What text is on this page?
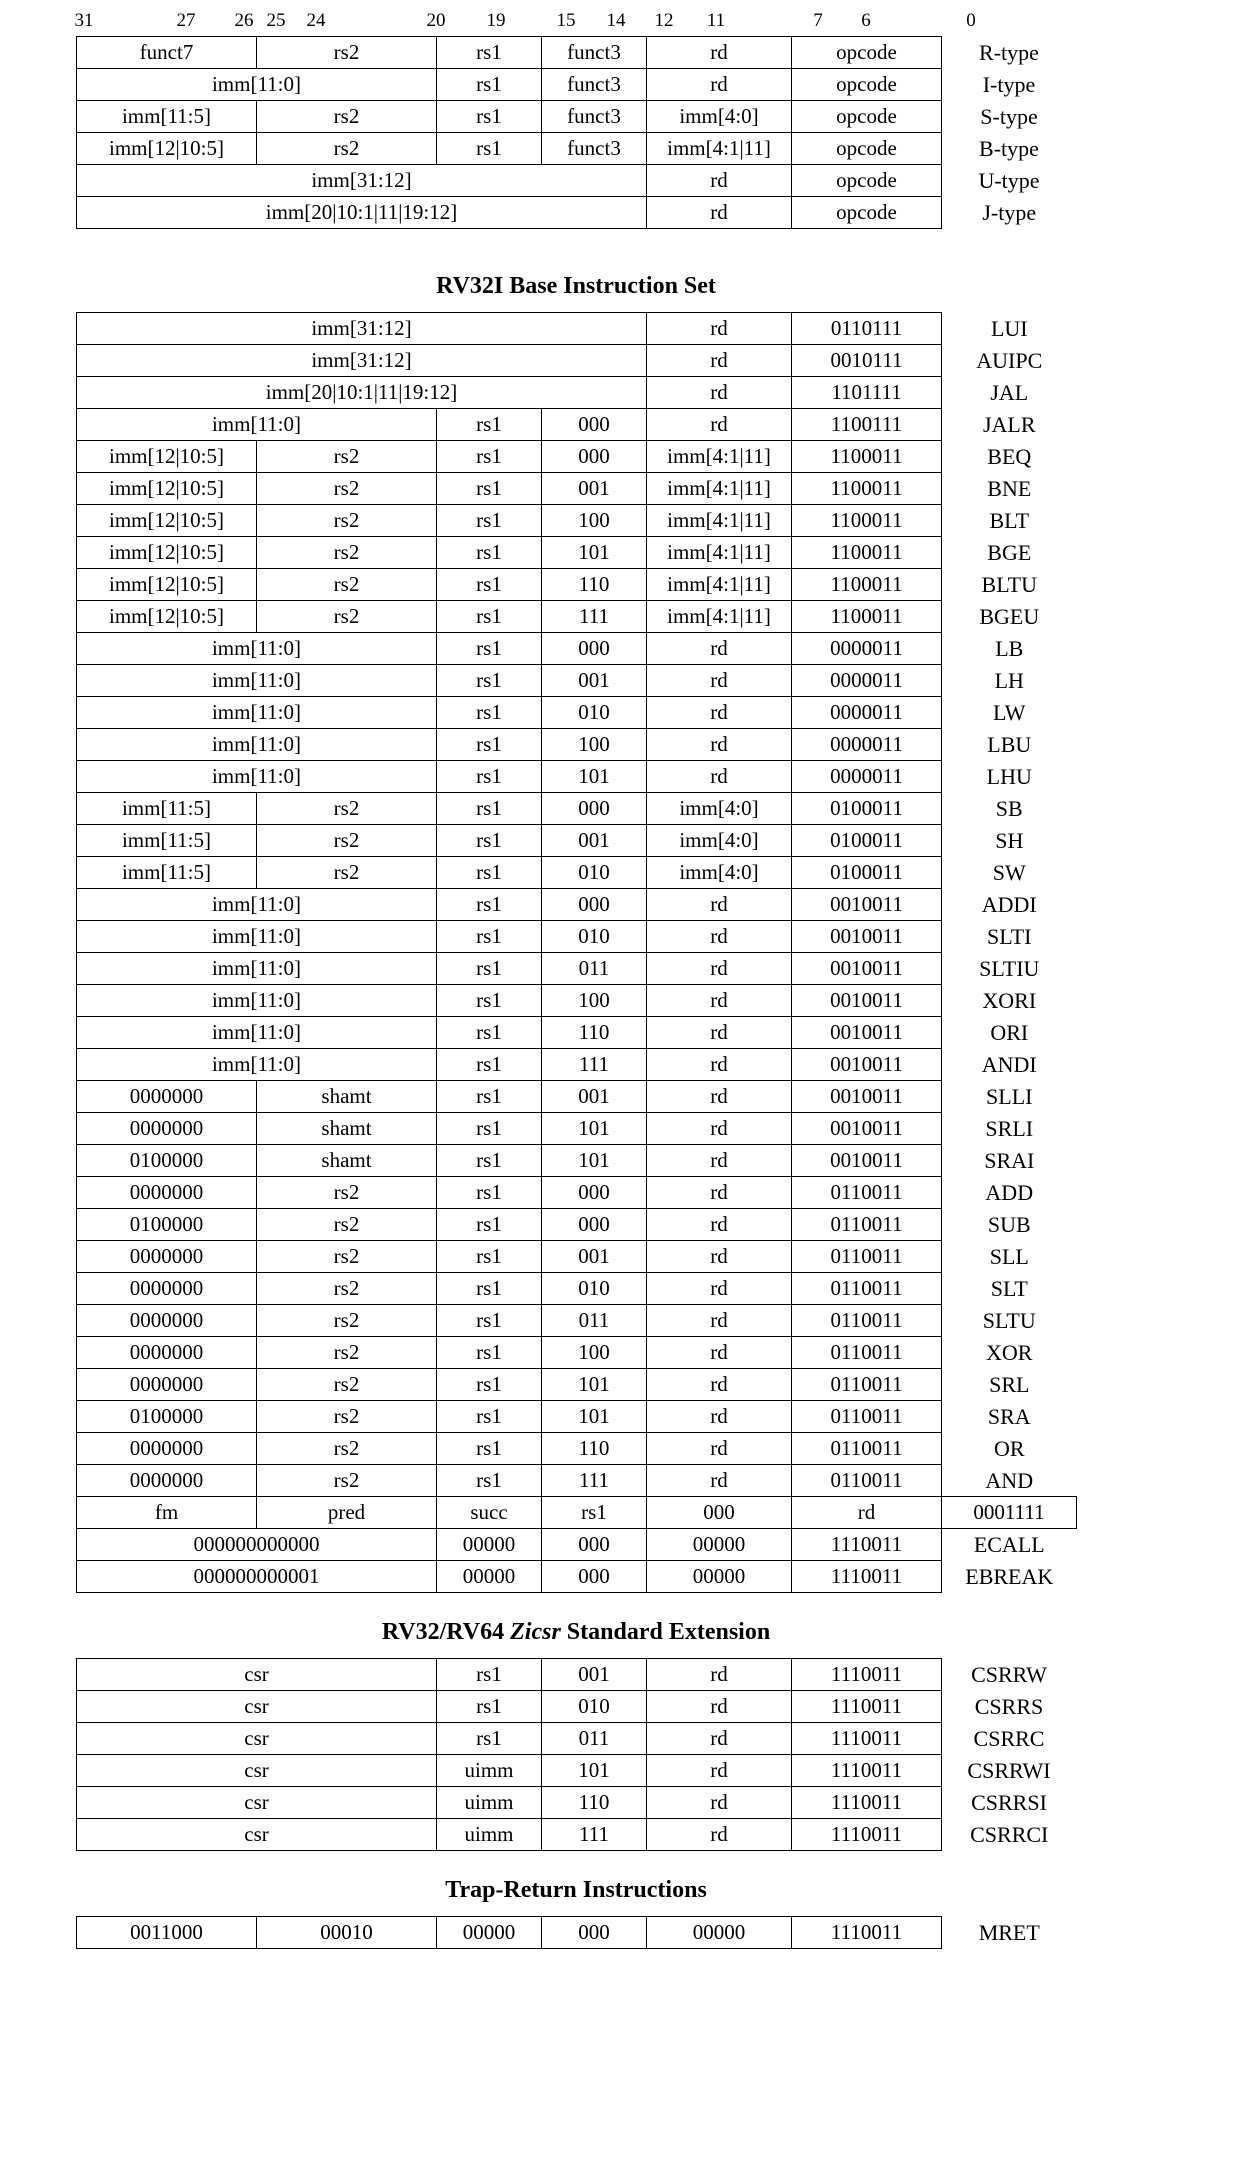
31	27 26 25 24	20 19	15 14 12 11	7 6	0
funct7	rs2	rs1	funct3	rd	opcode	R-type
imm[11:0]		rs1	funct3	rd	opcode	I-type
imm[11:5]	rs2	rs1	funct3	imm[4:0]	opcode	S-type
imm[12|10:5]	rs2	rs1	funct3	imm[4:1|11]	opcode	B-type
imm[31:12]				rd	opcode	U-type
imm[20|10:1|11|19:12]				rd	opcode	J-type
RV32I Base Instruction Set
imm[31:12]				rd	0110111	LUI	
imm[31:12]				rd	0010111	AUIPC	
imm[20|10:1|11|19:12]				rd	1101111	JAL	
imm[11:0]		rs1	000	rd	1100111	JALR	
imm[12|10:5]	rs2	rs1	000	imm[4:1|11]	1100011	BEQ	
imm[12|10:5]	rs2	rs1	001	imm[4:1|11]	1100011	BNE	
imm[12|10:5]	rs2	rs1	100	imm[4:1|11]	1100011	BLT	
imm[12|10:5]	rs2	rs1	101	imm[4:1|11]	1100011	BGE	
imm[12|10:5]	rs2	rs1	110	imm[4:1|11]	1100011	BLTU	
imm[12|10:5]	rs2	rs1	111	imm[4:1|11]	1100011	BGEU	
imm[11:0]		rs1	000	rd	0000011	LB	
imm[11:0]		rs1	001	rd	0000011	LH	
imm[11:0]		rs1	010	rd	0000011	LW	
imm[11:0]		rs1	100	rd	0000011	LBU	
imm[11:0]		rs1	101	rd	0000011	LHU	
imm[11:5]	rs2	rs1	000	imm[4:0]	0100011	SB	
imm[11:5]	rs2	rs1	001	imm[4:0]	0100011	SH	
imm[11:5]	rs2	rs1	010	imm[4:0]	0100011	SW	
imm[11:0]		rs1	000	rd	0010011	ADDI	
imm[11:0]		rs1	010	rd	0010011	SLTI	
imm[11:0]		rs1	011	rd	0010011	SLTIU	
imm[11:0]		rs1	100	rd	0010011	XORI	
imm[11:0]		rs1	110	rd	0010011	ORI	
imm[11:0]		rs1	111	rd	0010011	ANDI	
0000000	shamt	rs1	001	rd	0010011	SLLI	
0000000	shamt	rs1	101	rd	0010011	SRLI	
0100000	shamt	rs1	101	rd	0010011	SRAI	
0000000	rs2	rs1	000	rd	0110011	ADD	
0100000	rs2	rs1	000	rd	0110011	SUB	
0000000	rs2	rs1	001	rd	0110011	SLL	
0000000	rs2	rs1	010	rd	0110011	SLT	
0000000	rs2	rs1	011	rd	0110011	SLTU	
0000000	rs2	rs1	100	rd	0110011	XOR	
0000000	rs2	rs1	101	rd	0110011	SRL	
0100000	rs2	rs1	101	rd	0110011	SRA	
0000000	rs2	rs1	110	rd	0110011	OR	
0000000	rs2	rs1	111	rd	0110011	AND	
fm	pred	succ	rs1	000	rd	0001111	
000000000000		00000	000	00000	1110011	ECALL	
000000000001		00000	000	00000	1110011	EBREAK	
RV32/RV64 Zicsr Standard Extension
csr	rs1	001	rd	1110011	CSRRW
csr	rs1	010	rd	1110011	CSRRS
csr	rs1	011	rd	1110011	CSRRC
csr	uimm	101	rd	1110011	CSRRWI
csr	uimm	110	rd	1110011	CSRRSI
csr	uimm	111	rd	1110011	CSRRCI
Trap-Return Instructions
0011000	00010	00000	000	00000	1110011	MRET
